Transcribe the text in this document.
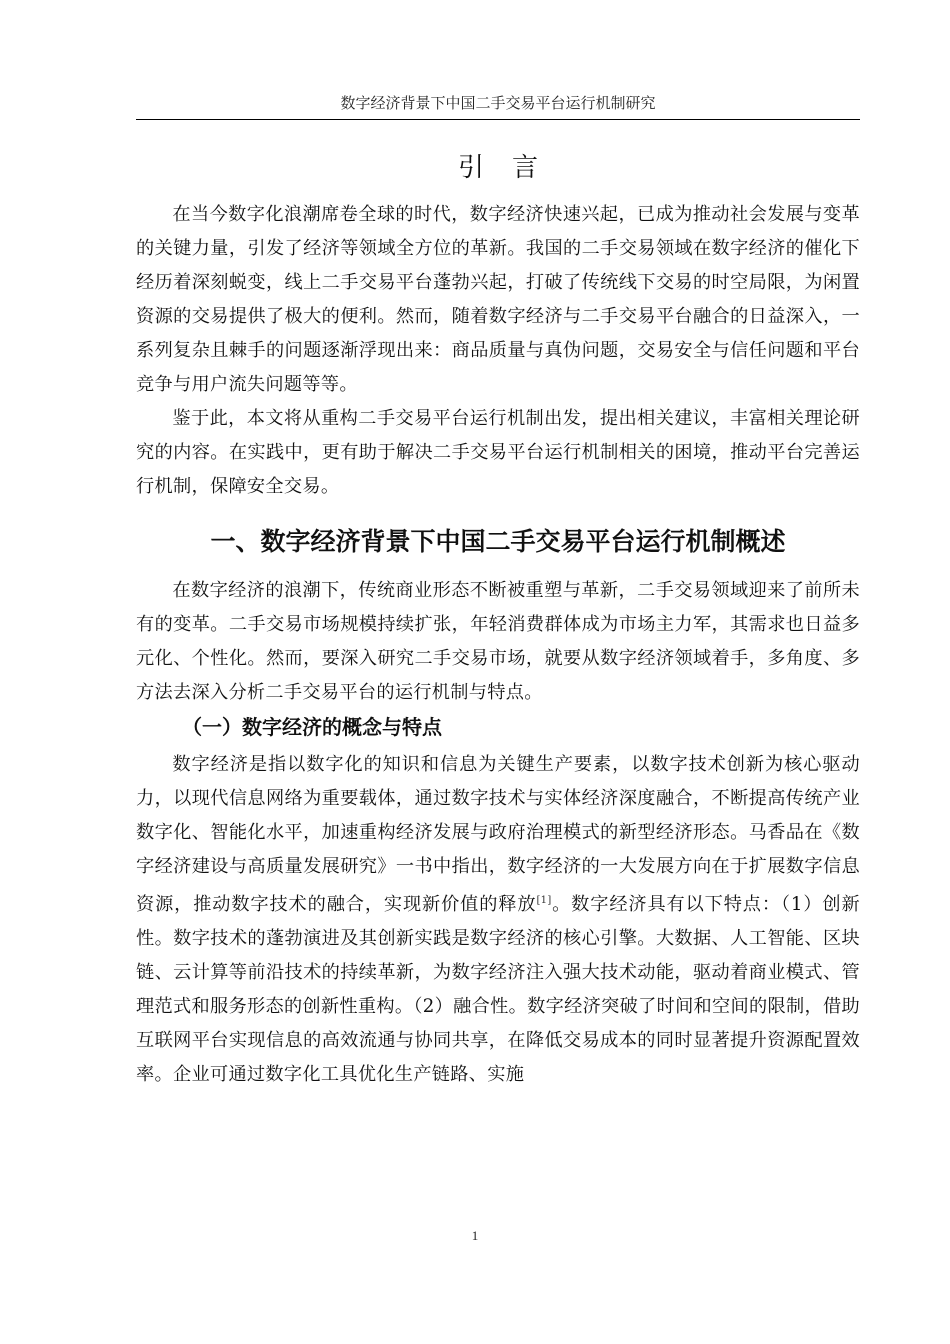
数字经济背景下中国二手交易平台运行机制研究
引言

在当今数字化浪潮席卷全球的时代，数字经济快速兴起，已成为推动社会发展与变革的关键力量，引发了经济等领域全方位的革新。我国的二手交易领域在数字经济的催化下经历着深刻蜕变，线上二手交易平台蓬勃兴起，打破了传统线下交易的时空局限，为闲置资源的交易提供了极大的便利。然而，随着数字经济与二手交易平台融合的日益深入，一系列复杂且棘手的问题逐渐浮现出来：商品质量与真伪问题，交易安全与信任问题和平台竞争与用户流失问题等等。

鉴于此，本文将从重构二手交易平台运行机制出发，提出相关建议，丰富相关理论研究的内容。在实践中，更有助于解决二手交易平台运行机制相关的困境，推动平台完善运行机制，保障安全交易。

一、数字经济背景下中国二手交易平台运行机制概述

在数字经济的浪潮下，传统商业形态不断被重塑与革新，二手交易领域迎来了前所未有的变革。二手交易市场规模持续扩张，年轻消费群体成为市场主力军，其需求也日益多元化、个性化。然而，要深入研究二手交易市场，就要从数字经济领域着手，多角度、多方法去深入分析二手交易平台的运行机制与特点。

（一）数字经济的概念与特点

数字经济是指以数字化的知识和信息为关键生产要素，以数字技术创新为核心驱动力，以现代信息网络为重要载体，通过数字技术与实体经济深度融合，不断提高传统产业数字化、智能化水平，加速重构经济发展与政府治理模式的新型经济形态。马香品在《数字经济建设与高质量发展研究》一书中指出，数字经济的一大发展方向在于扩展数字信息资源，推动数字技术的融合，实现新价值的释放[1]。数字经济具有以下特点：（1）创新性。数字技术的蓬勃演进及其创新实践是数字经济的核心引擎。大数据、人工智能、区块链、云计算等前沿技术的持续革新，为数字经济注入强大技术动能，驱动着商业模式、管理范式和服务形态的创新性重构。（2）融合性。数字经济突破了时间和空间的限制，借助互联网平台实现信息的高效流通与协同共享，在降低交易成本的同时显著提升资源配置效率。企业可通过数字化工具优化生产链路、实施

1
